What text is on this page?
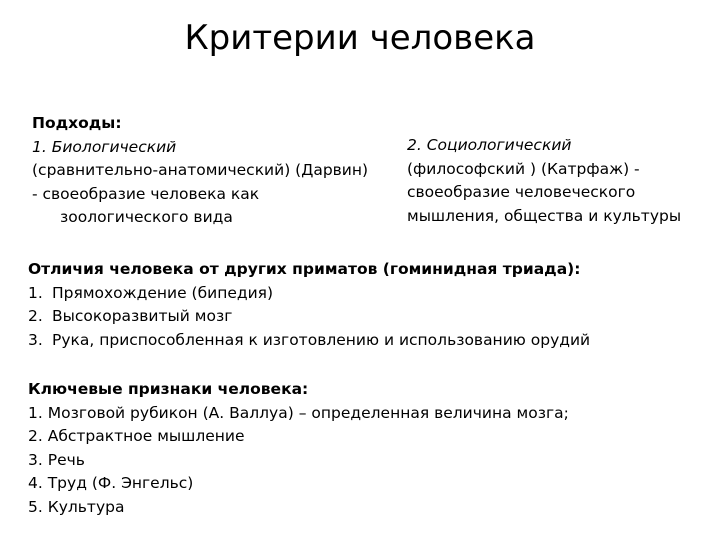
Критерии человека
Подходы:
1. Биологический
(сравнительно-анатомический) (Дарвин)
- своеобразие человека как
зоологического вида
2. Социологический
(философский ) (Катрфаж) -
своеобразие человеческого
мышления, общества и культуры
Отличия человека от других приматов (гоминидная триада):
1. Прямохождение (бипедия)
2. Высокоразвитый мозг
3. Рука, приспособленная к изготовлению и использованию орудий
Ключевые признаки человека:
1. Мозговой рубикон (А. Валлуа) – определенная величина мозга;
2. Абстрактное мышление
3. Речь
4. Труд (Ф. Энгельс)
5. Культура
